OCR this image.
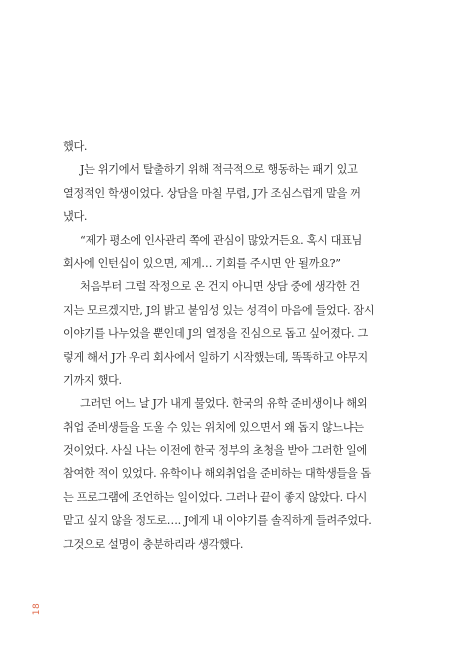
했다.
J는 위기에서 탈출하기 위해 적극적으로 행동하는 패기 있고
열정적인 학생이었다. 상담을 마칠 무렵, J가 조심스럽게 말을 꺼
냈다.
“제가 평소에 인사관리 쪽에 관심이 많았거든요. 혹시 대표님
회사에 인턴십이 있으면, 제게… 기회를 주시면 안 될까요?”
처음부터 그럴 작정으로 온 건지 아니면 상담 중에 생각한 건
지는 모르겠지만, J의 밝고 붙임성 있는 성격이 마음에 들었다. 잠시
이야기를 나누었을 뿐인데 J의 열정을 진심으로 돕고 싶어졌다. 그
렇게 해서 J가 우리 회사에서 일하기 시작했는데, 똑똑하고 야무지
기까지 했다.
그러던 어느 날 J가 내게 물었다. 한국의 유학 준비생이나 해외
취업 준비생들을 도울 수 있는 위치에 있으면서 왜 돕지 않느냐는
것이었다. 사실 나는 이전에 한국 정부의 초청을 받아 그러한 일에
참여한 적이 있었다. 유학이나 해외취업을 준비하는 대학생들을 돕
는 프로그램에 조언하는 일이었다. 그러나 끝이 좋지 않았다. 다시
맡고 싶지 않을 정도로…. J에게 내 이야기를 솔직하게 들려주었다.
그것으로 설명이 충분하리라 생각했다.
18
